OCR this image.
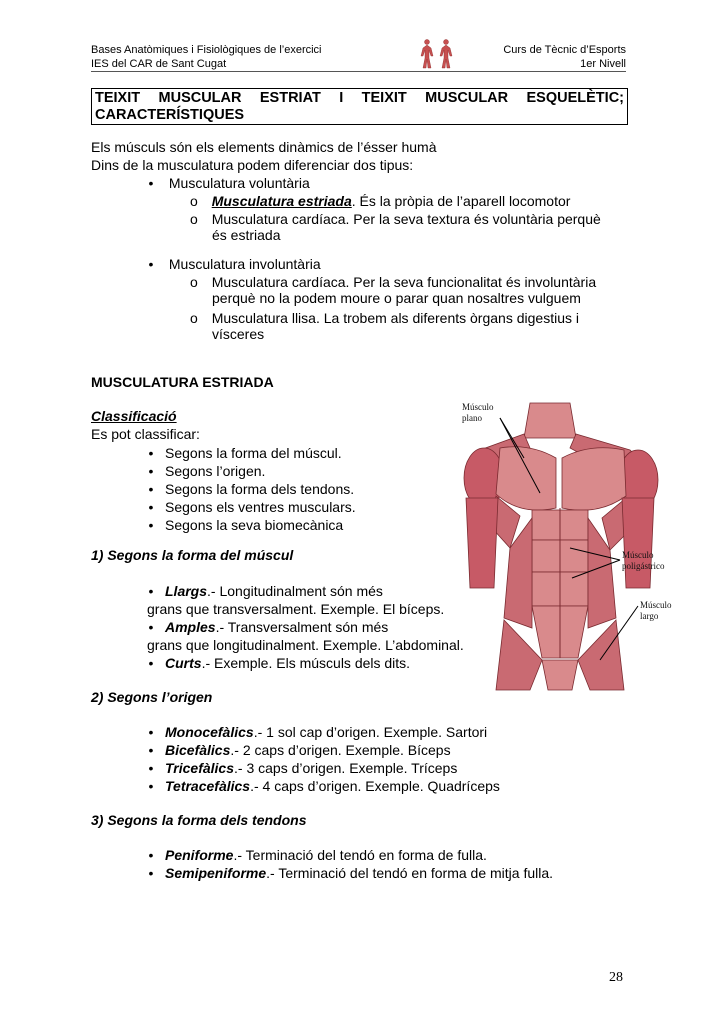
Bases Anatòmiques i Fisiològiques de l’exercici
IES del CAR de Sant Cugat
Curs de Tècnic d’Esports
1er Nivell
TEIXIT MUSCULAR ESTRIAT I TEIXIT MUSCULAR ESQUELÈTIC;
CARACTERÍSTIQUES
Els músculs són els elements dinàmics de l’ésser humà
Dins de la musculatura podem diferenciar dos tipus:
• Musculatura voluntària
o Musculatura estriada. És la pròpia de l’aparell locomotor
o Musculatura cardíaca. Per la seva textura és voluntària perquè
és estriada
• Musculatura involuntària
o Musculatura cardíaca. Per la seva funcionalitat és involuntària
perquè no la podem moure o parar quan nosaltres vulguem
o Musculatura llisa. La trobem als diferents òrgans digestius i
vísceres
MUSCULATURA ESTRIADA
Classificació
Es pot classificar:
• Segons la forma del múscul.
• Segons l’origen.
• Segons la forma dels tendons.
• Segons els ventres musculars.
• Segons la seva biomecànica
1) Segons la forma del múscul
• Llargs.- Longitudinalment són més
grans que transversalment. Exemple. El bíceps.
• Amples.- Transversalment són més
grans que longitudinalment. Exemple. L’abdominal.
• Curts.- Exemple. Els músculs dels dits.
2) Segons l’origen
• Monocefàlics.- 1 sol cap d’origen. Exemple. Sartori
• Bicefàlics.- 2 caps d’origen. Exemple. Bíceps
• Tricefàlics.- 3 caps d’origen. Exemple. Tríceps
• Tetracefàlics.- 4 caps d’origen. Exemple. Quadríceps
3) Segons la forma dels tendons
• Peniforme.- Terminació del tendó en forma de fulla.
• Semipeniforme.- Terminació del tendó en forma de mitja fulla.
Músculo
plano
Músculo
poligástrico
Músculo
largo
28
